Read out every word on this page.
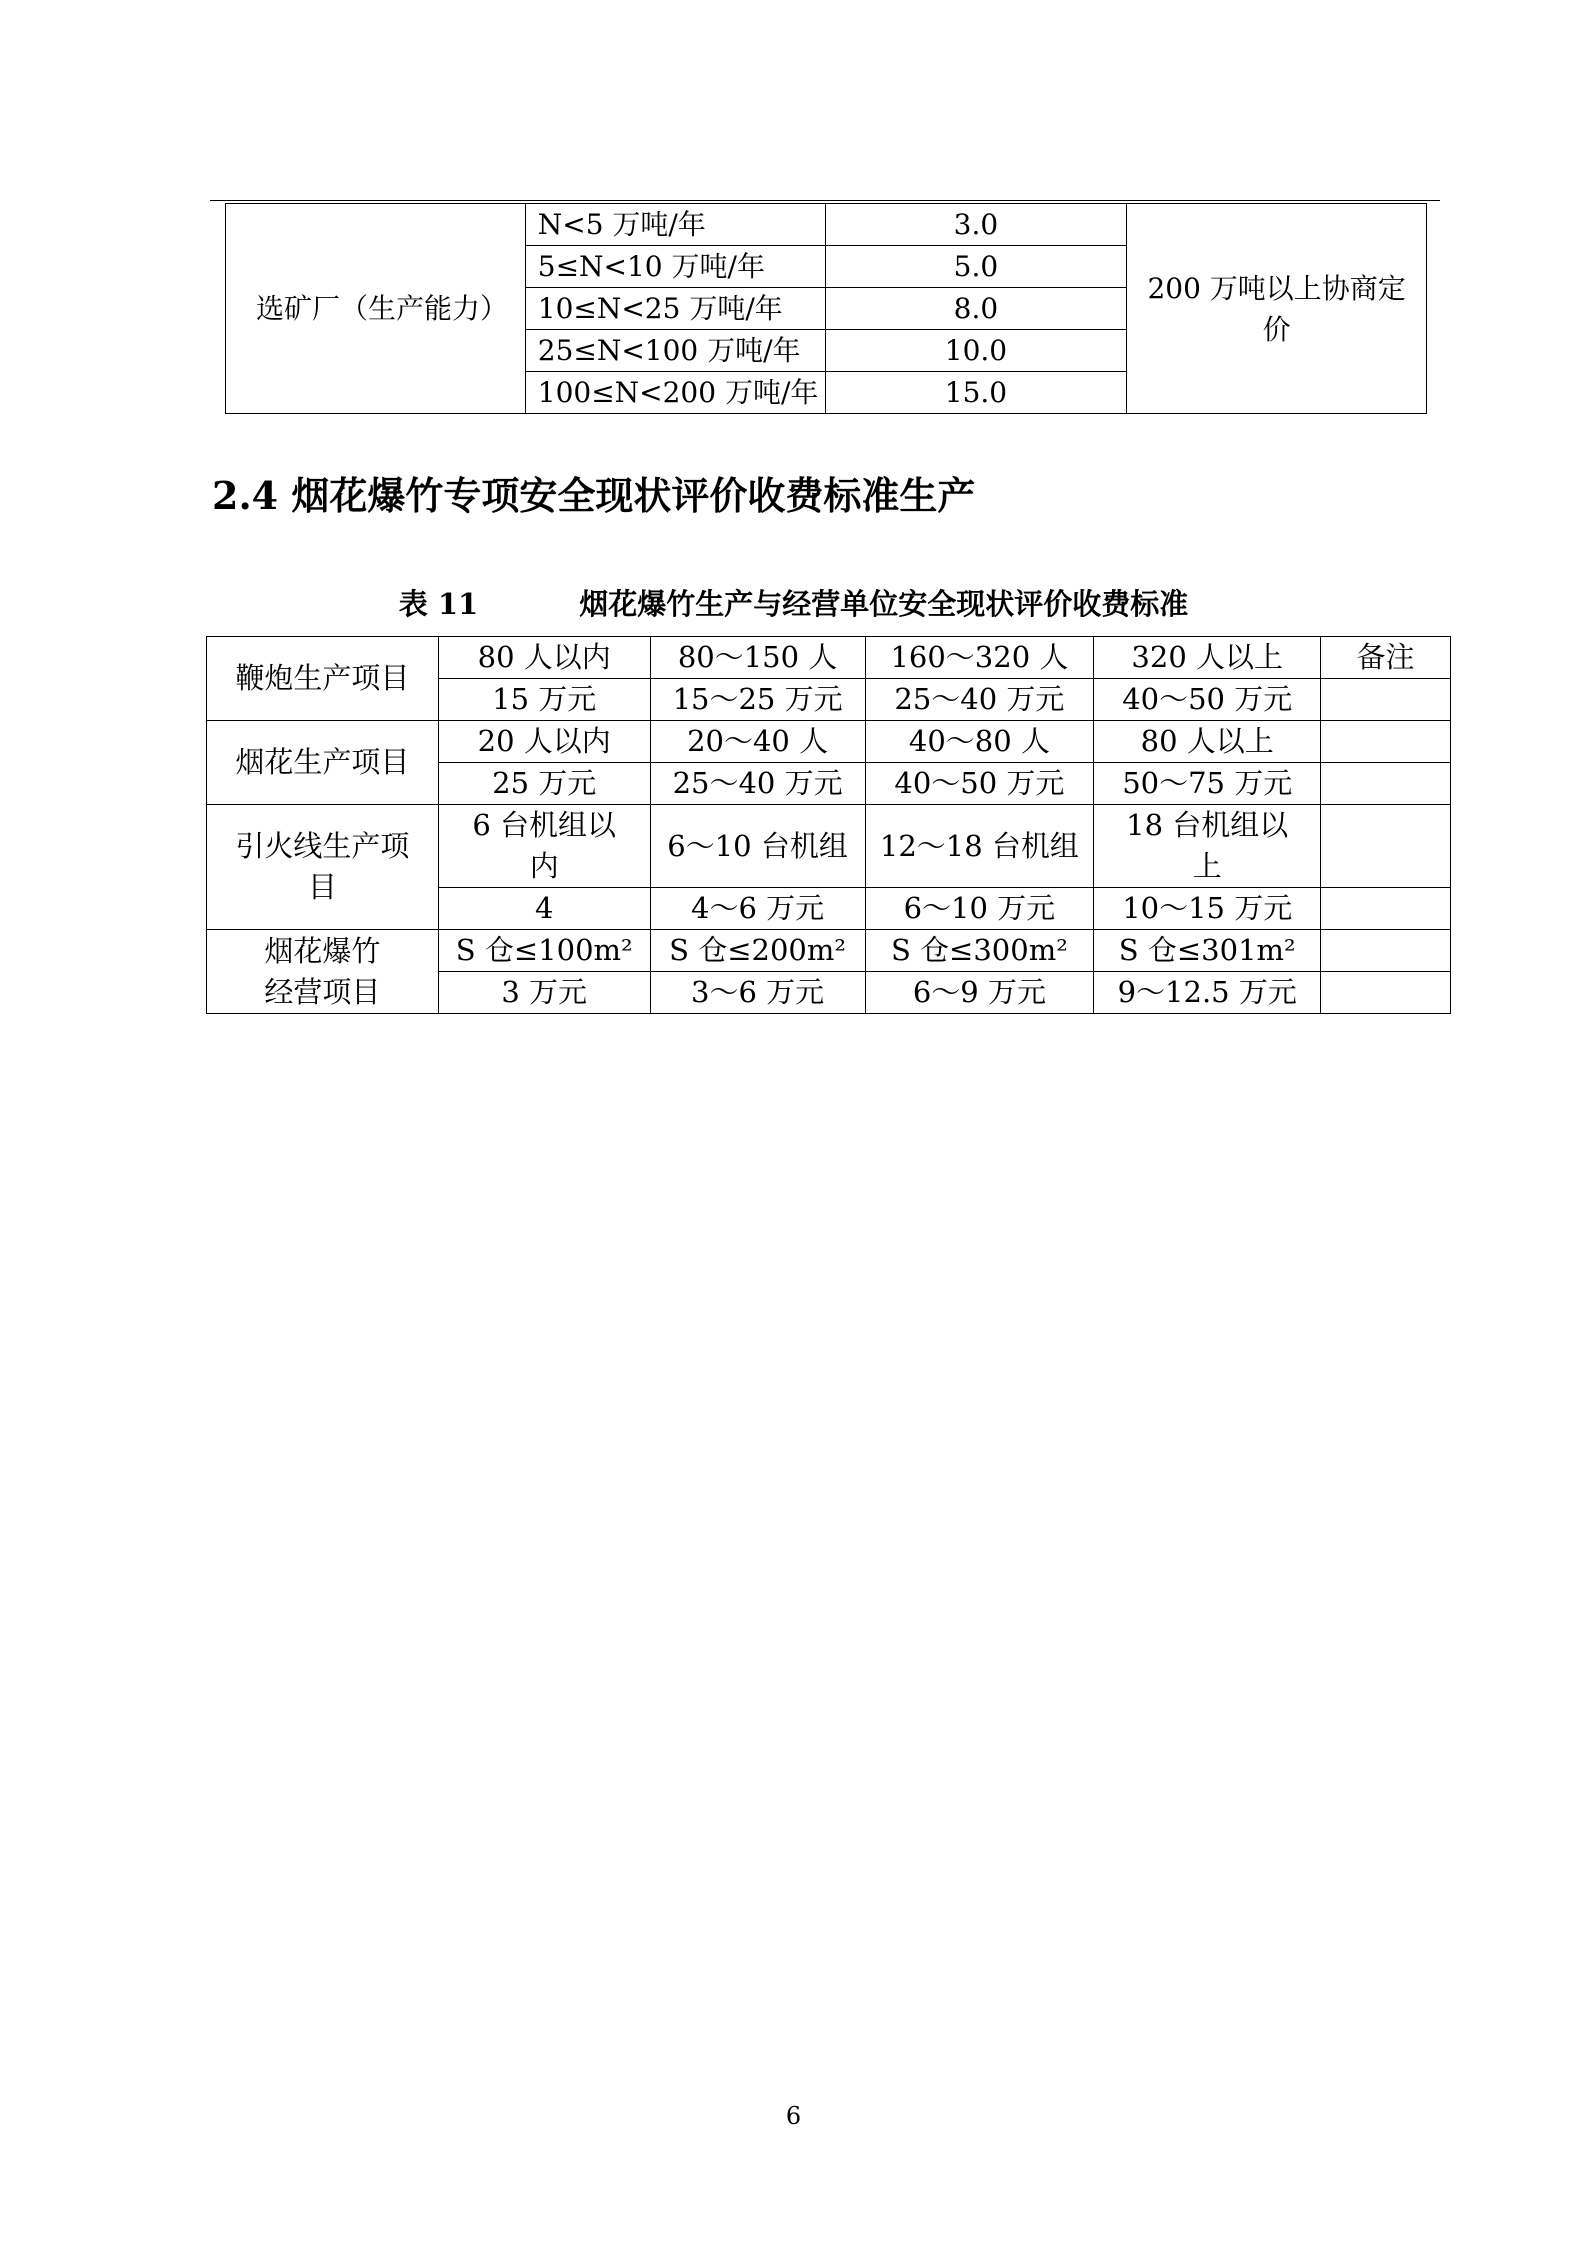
选矿厂（生产能力）	N<5 万吨/年	3.0	200 万吨以上协商定价
	5≤N<10 万吨/年	5.0	
	10≤N<25 万吨/年	8.0	
	25≤N<100 万吨/年	10.0	
	100≤N<200 万吨/年	15.0	
2.4 烟花爆竹专项安全现状评价收费标准生产
表 11          烟花爆竹生产与经营单位安全现状评价收费标准
鞭炮生产项目	80 人以内	80～150 人	160～320 人	320 人以上	备注
	15 万元	15～25 万元	25～40 万元	40～50 万元	
烟花生产项目	20 人以内	20～40 人	40～80 人	80 人以上	
	25 万元	25～40 万元	40～50 万元	50～75 万元	
引火线生产项目	6 台机组以内	6～10 台机组	12～18 台机组	18 台机组以上	
	4	4～6 万元	6～10 万元	10～15 万元	
烟花爆竹经营项目	S 仓≤100m²	S 仓≤200m²	S 仓≤300m²	S 仓≤301m²	
	3 万元	3～6 万元	6～9 万元	9～12.5 万元	
6
